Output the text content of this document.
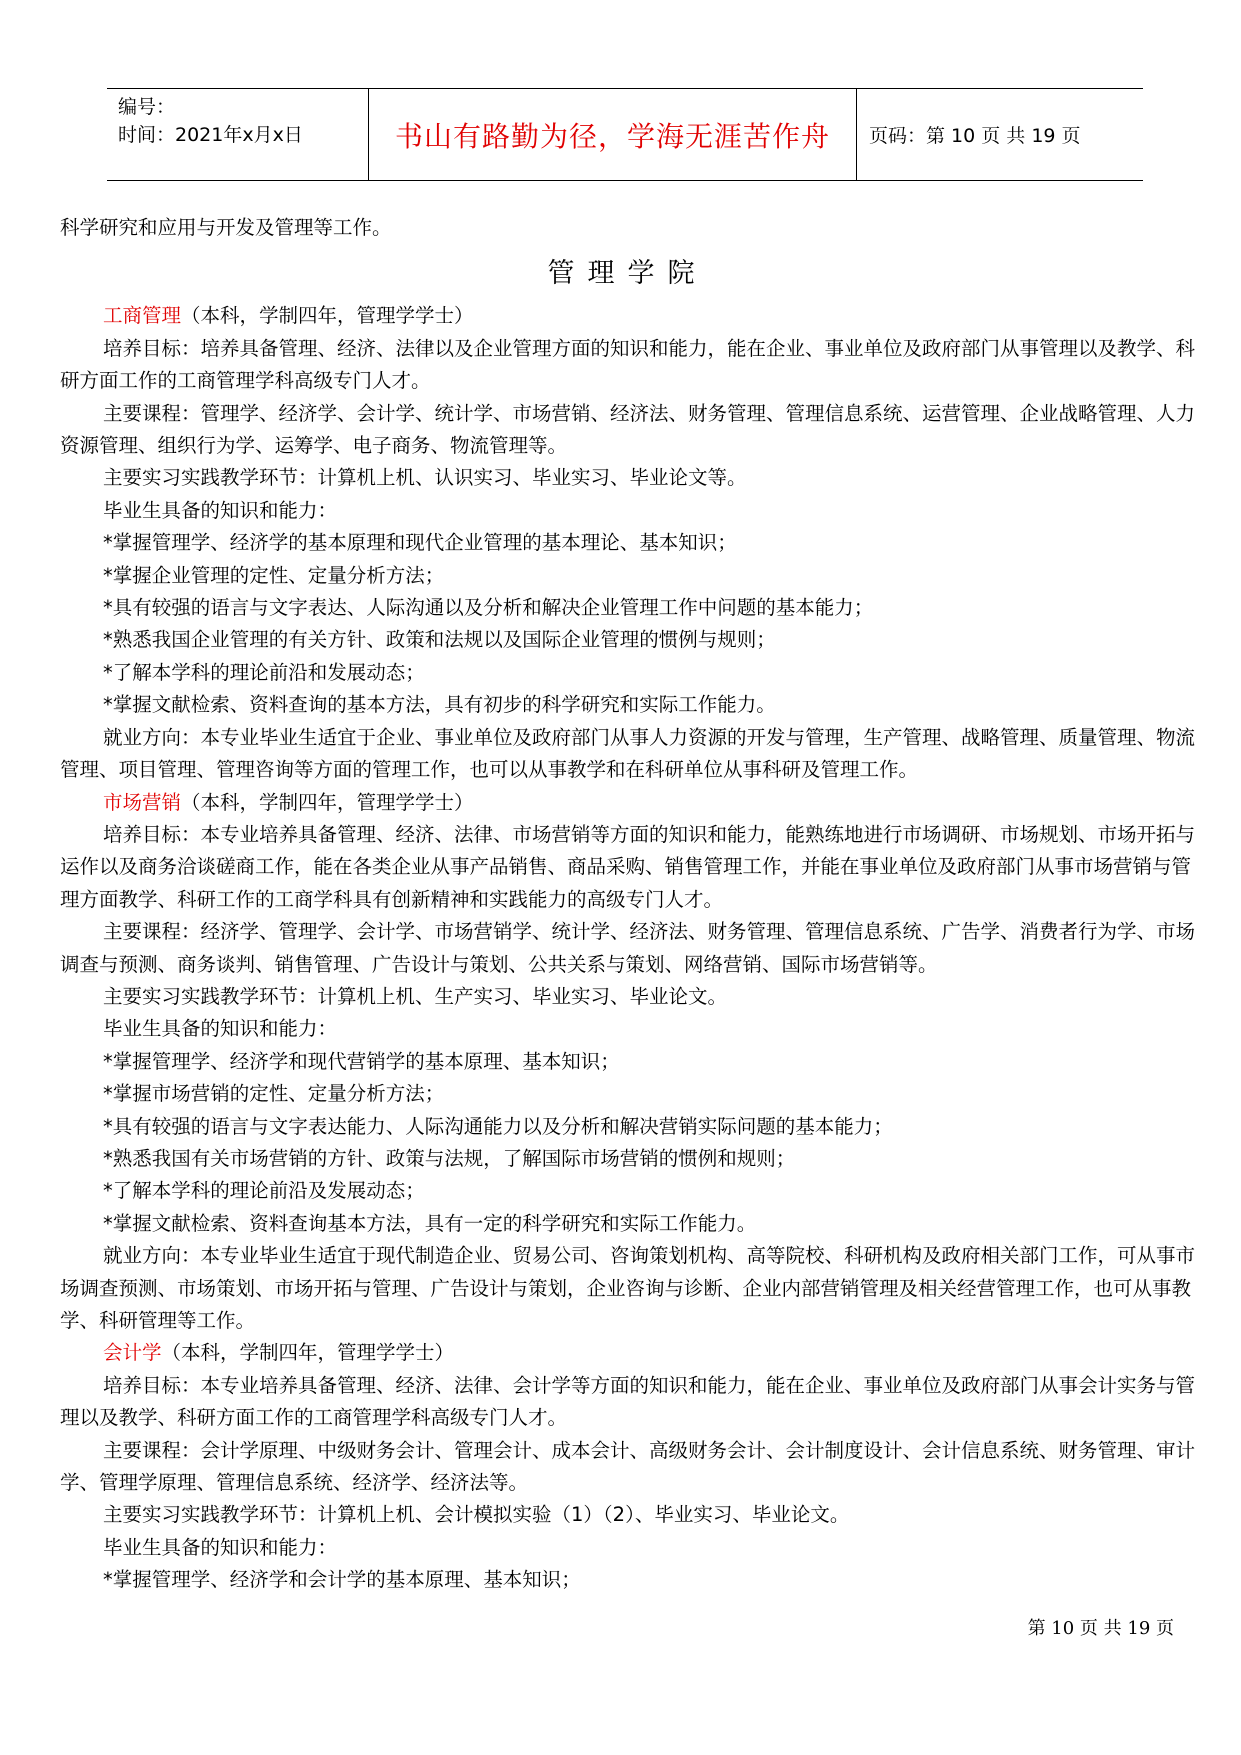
编号：
时间：2021年x月x日	书山有路勤为径，学海无涯苦作舟	页码：第 10 页 共 19 页

科学研究和应用与开发及管理等工作。

管理学院

工商管理（本科，学制四年，管理学学士）

培养目标：培养具备管理、经济、法律以及企业管理方面的知识和能力，能在企业、事业单位及政府部门从事管理以及教学、科研方面工作的工商管理学科高级专门人才。

主要课程：管理学、经济学、会计学、统计学、市场营销、经济法、财务管理、管理信息系统、运营管理、企业战略管理、人力资源管理、组织行为学、运筹学、电子商务、物流管理等。

主要实习实践教学环节：计算机上机、认识实习、毕业实习、毕业论文等。

毕业生具备的知识和能力：

*掌握管理学、经济学的基本原理和现代企业管理的基本理论、基本知识；

*掌握企业管理的定性、定量分析方法；

*具有较强的语言与文字表达、人际沟通以及分析和解决企业管理工作中问题的基本能力；

*熟悉我国企业管理的有关方针、政策和法规以及国际企业管理的惯例与规则；

*了解本学科的理论前沿和发展动态；

*掌握文献检索、资料查询的基本方法，具有初步的科学研究和实际工作能力。

就业方向：本专业毕业生适宜于企业、事业单位及政府部门从事人力资源的开发与管理，生产管理、战略管理、质量管理、物流管理、项目管理、管理咨询等方面的管理工作，也可以从事教学和在科研单位从事科研及管理工作。

市场营销（本科，学制四年，管理学学士）

培养目标：本专业培养具备管理、经济、法律、市场营销等方面的知识和能力，能熟练地进行市场调研、市场规划、市场开拓与运作以及商务洽谈磋商工作，能在各类企业从事产品销售、商品采购、销售管理工作，并能在事业单位及政府部门从事市场营销与管理方面教学、科研工作的工商学科具有创新精神和实践能力的高级专门人才。

主要课程：经济学、管理学、会计学、市场营销学、统计学、经济法、财务管理、管理信息系统、广告学、消费者行为学、市场调查与预测、商务谈判、销售管理、广告设计与策划、公共关系与策划、网络营销、国际市场营销等。

主要实习实践教学环节：计算机上机、生产实习、毕业实习、毕业论文。

毕业生具备的知识和能力：

*掌握管理学、经济学和现代营销学的基本原理、基本知识；

*掌握市场营销的定性、定量分析方法；

*具有较强的语言与文字表达能力、人际沟通能力以及分析和解决营销实际问题的基本能力；

*熟悉我国有关市场营销的方针、政策与法规，了解国际市场营销的惯例和规则；

*了解本学科的理论前沿及发展动态；

*掌握文献检索、资料查询基本方法，具有一定的科学研究和实际工作能力。

就业方向：本专业毕业生适宜于现代制造企业、贸易公司、咨询策划机构、高等院校、科研机构及政府相关部门工作，可从事市场调查预测、市场策划、市场开拓与管理、广告设计与策划，企业咨询与诊断、企业内部营销管理及相关经营管理工作，也可从事教学、科研管理等工作。

会计学（本科，学制四年，管理学学士）

培养目标：本专业培养具备管理、经济、法律、会计学等方面的知识和能力，能在企业、事业单位及政府部门从事会计实务与管理以及教学、科研方面工作的工商管理学科高级专门人才。

主要课程：会计学原理、中级财务会计、管理会计、成本会计、高级财务会计、会计制度设计、会计信息系统、财务管理、审计学、管理学原理、管理信息系统、经济学、经济法等。

主要实习实践教学环节：计算机上机、会计模拟实验（1）（2）、毕业实习、毕业论文。

毕业生具备的知识和能力：

*掌握管理学、经济学和会计学的基本原理、基本知识；

第 10 页 共 19 页
